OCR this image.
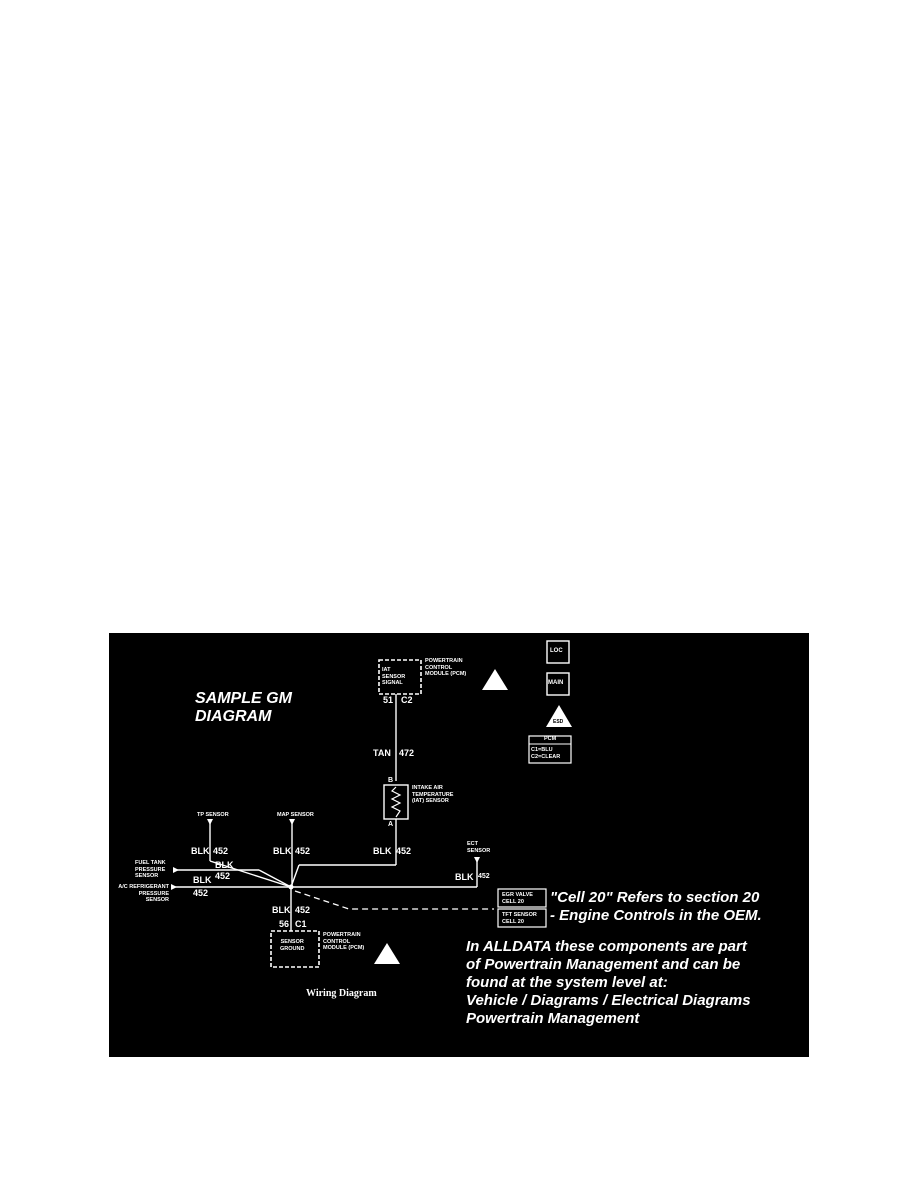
SAMPLE GM
DIAGRAM
IAT
SENSOR
SIGNAL
POWERTRAIN
CONTROL
MODULE (PCM)
51 C2
TAN 472
B
A
INTAKE AIR
TEMPERATURE
(IAT) SENSOR
TP SENSOR
BLK 452
MAP SENSOR
BLK 452	BLK 452
ECT
SENSOR
BLK 452
FUEL TANK
PRESSURE
SENSOR
BLK
452
A/C REFRIGERANT
PRESSURE
SENSOR
BLK
452
BLK 452
56 C1
SENSOR
GROUND
POWERTRAIN
CONTROL
MODULE (PCM)
Wiring Diagram
EGR VALVE
CELL 20
TFT SENSOR
CELL 20
LOC
MAIN
ESD
PCM
C1=BLU
C2=CLEAR
"Cell 20" Refers to section 20
- Engine Controls in the OEM.
In ALLDATA these components are part
of Powertrain Management and can be
found at the system level at:
Vehicle / Diagrams / Electrical Diagrams
Powertrain Management
